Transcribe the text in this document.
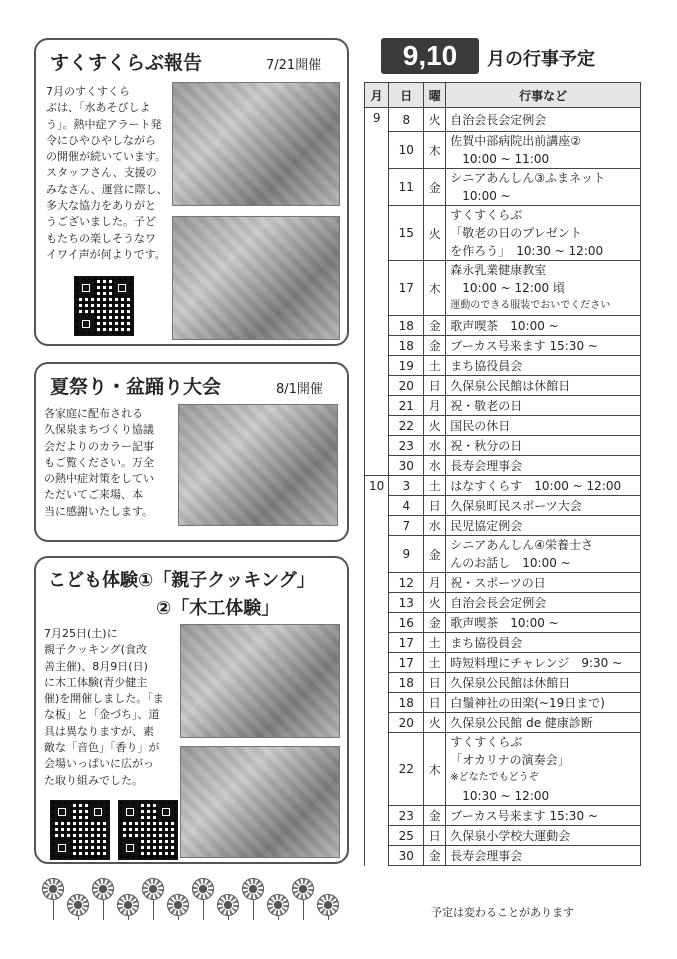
すくすくらぶ報告	7/21開催
7月のすくすくら
ぶは、「水あそびしよ
う」。熱中症アラート発
令にひやひやしながら
の開催が続いています。
スタッフさん、支援の
みなさん、運営に際し、
多大な協力をありがと
うございました。子ど
もたちの楽しそうなワ
イワイ声が何よりです。
夏祭り・盆踊り大会	8/1開催
各家庭に配布される
久保泉まちづくり協議
会だよりのカラー記事
もご覧ください。万全
の熱中症対策をしてい
ただいてご来場、本
当に感謝いたします。
こども体験①「親子クッキング」
②「木工体験」
7月25日(土)に
親子クッキング(食改
善主催)、8月9日(日)
に木工体験(青少健主
催)を開催しました。「ま
な板」と「金づち」、道
具は異なりますが、素
敵な「音色」「香り」が
会場いっぱいに広がっ
た取り組みでした。
9,10	月の行事予定
月	日	曜	行事など
9	8	火	自治会長会定例会

	10	木	佐賀中部病院出前講座②
10:00 ~ 11:00

	11	金	シニアあんしん③ふまネット
10:00 ~

	15	火	すくすくらぶ
「敬老の日のプレゼント
を作ろう」　10:30 ~ 12:00

	17	木	森永乳業健康教室
10:00 ~ 12:00 頃
運動のできる服装でおいでください

	18	金	歌声喫茶　10:00 ~

	18	金	ブーカス号来ます 15:30 ~

	19	土	まち協役員会

	20	日	久保泉公民館は休館日

	21	月	祝・敬老の日

	22	火	国民の休日

	23	水	祝・秋分の日

	30	水	長寿会理事会

10	3	土	はなすくらす　10:00 ~ 12:00

	4	日	久保泉町民スポーツ大会

	7	水	民児協定例会

	9	金	シニアあんしん④栄養士さ
んのお話し　10:00 ~

	12	月	祝・スポーツの日

	13	火	自治会長会定例会

	16	金	歌声喫茶　10:00 ~

	17	土	まち協役員会

	17	土	時短料理にチャレンジ　9:30 ~

	18	日	久保泉公民館は休館日

	18	日	白鬚神社の田楽(~19日まで)

	20	火	久保泉公民館 de 健康診断

	22	木	すくすくらぶ
「オカリナの演奏会」
※どなたでもどうぞ
10:30 ~ 12:00

	23	金	ブーカス号来ます 15:30 ~

	25	日	久保泉小学校大運動会

	30	金	長寿会理事会
予定は変わることがあります
